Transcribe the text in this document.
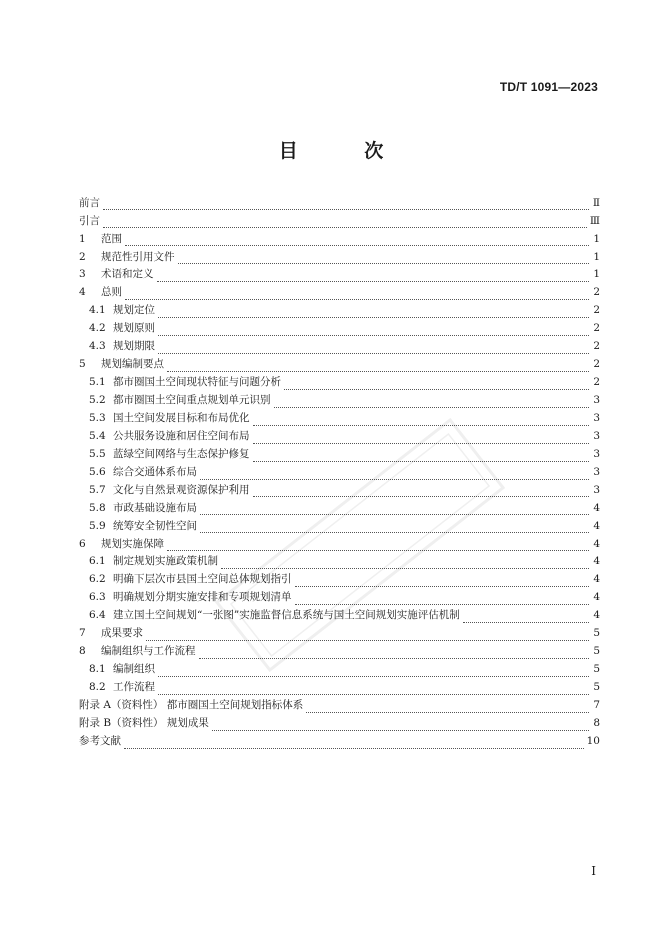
TD/T 1091—2023
目 次
前言	Ⅱ
引言	Ⅲ
1	范围	1
2	规范性引用文件	1
3	术语和定义	1
4	总则	2
4.1 规划定位	2
4.2 规划原则	2
4.3 规划期限	2
5	规划编制要点	2
5.1 都市圈国土空间现状特征与问题分析	2
5.2 都市圈国土空间重点规划单元识别	3
5.3 国土空间发展目标和布局优化	3
5.4 公共服务设施和居住空间布局	3
5.5 蓝绿空间网络与生态保护修复	3
5.6 综合交通体系布局	3
5.7 文化与自然景观资源保护利用	3
5.8 市政基础设施布局	4
5.9 统筹安全韧性空间	4
6	规划实施保障	4
6.1 制定规划实施政策机制	4
6.2 明确下层次市县国土空间总体规划指引	4
6.3 明确规划分期实施安排和专项规划清单	4
6.4 建立国土空间规划“一张图”实施监督信息系统与国土空间规划实施评估机制	4
7	成果要求	5
8	编制组织与工作流程	5
8.1 编制组织	5
8.2 工作流程	5
附录 A（资料性） 都市圈国土空间规划指标体系	7
附录 B（资料性） 规划成果	8
参考文献	10
I
